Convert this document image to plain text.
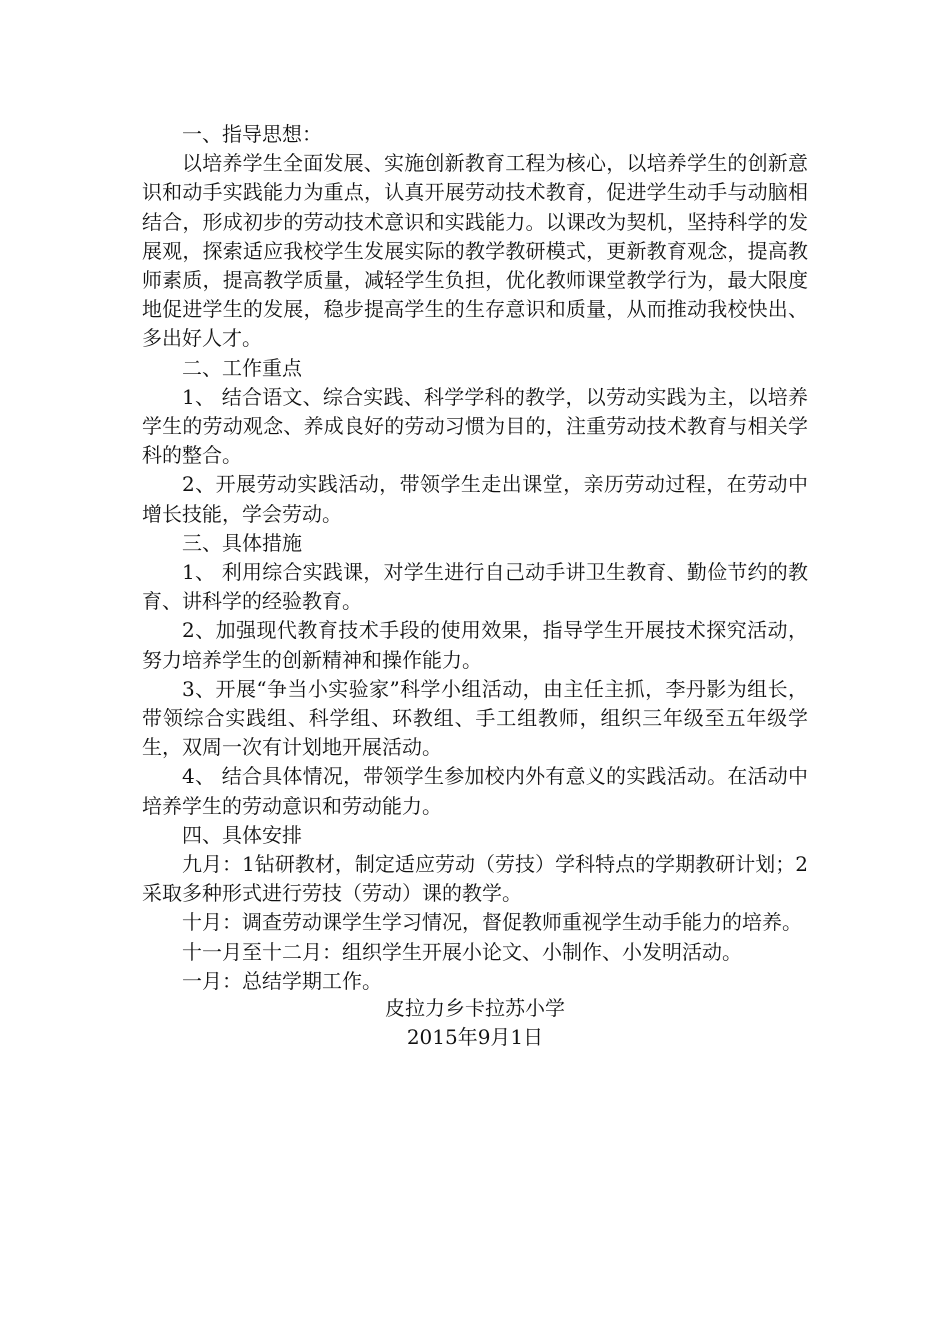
一、指导思想：

以培养学生全面发展、实施创新教育工程为核心，以培养学生的创新意识和动手实践能力为重点，认真开展劳动技术教育，促进学生动手与动脑相结合，形成初步的劳动技术意识和实践能力。以课改为契机，坚持科学的发展观，探索适应我校学生发展实际的教学教研模式，更新教育观念，提高教师素质，提高教学质量，减轻学生负担，优化教师课堂教学行为，最大限度地促进学生的发展，稳步提高学生的生存意识和质量，从而推动我校快出、多出好人才。

二、工作重点

1、 结合语文、综合实践、科学学科的教学，以劳动实践为主，以培养学生的劳动观念、养成良好的劳动习惯为目的，注重劳动技术教育与相关学科的整合。

2、开展劳动实践活动，带领学生走出课堂，亲历劳动过程，在劳动中增长技能，学会劳动。

三、具体措施

1、 利用综合实践课，对学生进行自己动手讲卫生教育、勤俭节约的教育、讲科学的经验教育。

2、加强现代教育技术手段的使用效果，指导学生开展技术探究活动，努力培养学生的创新精神和操作能力。

3、开展“争当小实验家”科学小组活动，由主任主抓，李丹影为组长，带领综合实践组、科学组、环教组、手工组教师，组织三年级至五年级学生，双周一次有计划地开展活动。

4、 结合具体情况，带领学生参加校内外有意义的实践活动。在活动中培养学生的劳动意识和劳动能力。

四、具体安排

九月：1钻研教材，制定适应劳动（劳技）学科特点的学期教研计划；2采取多种形式进行劳技（劳动）课的教学。

十月：调查劳动课学生学习情况，督促教师重视学生动手能力的培养。

十一月至十二月：组织学生开展小论文、小制作、小发明活动。

一月：总结学期工作。

皮拉力乡卡拉苏小学
2015年9月1日
